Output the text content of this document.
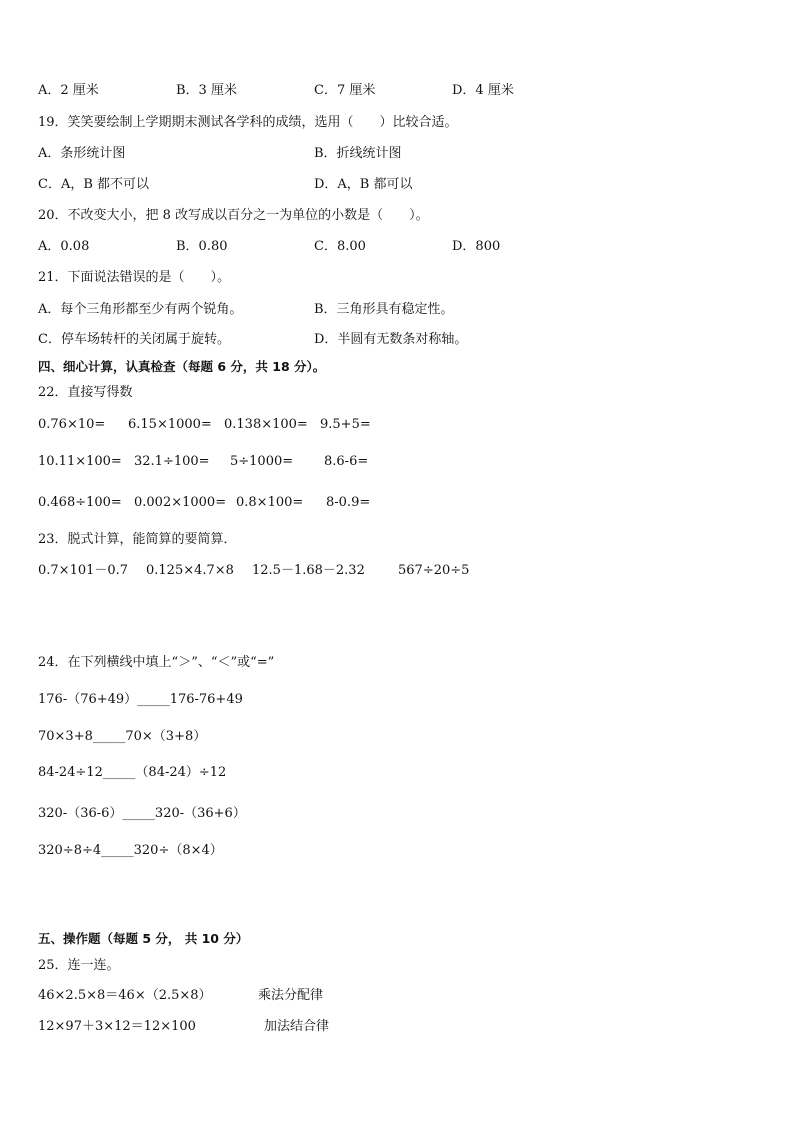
A．2 厘米	B．3 厘米	C．7 厘米	D．4 厘米
19．笑笑要绘制上学期期末测试各学科的成绩，选用（　　）比较合适。
A．条形统计图	B．折线统计图
C．A，B 都不可以	D．A，B 都可以
20．不改变大小，把 8 改写成以百分之一为单位的小数是（　　）。
A．0.08	B．0.80	C．8.00	D．800
21．下面说法错误的是（　　）。
A．每个三角形都至少有两个锐角。	B．三角形具有稳定性。
C．停车场转杆的关闭属于旋转。	D．半圆有无数条对称轴。
四、细心计算，认真检查（每题 6 分，共 18 分）。
22．直接写得数
0.76×10= 6.15×1000= 0.138×100= 9.5+5=
10.11×100= 32.1÷100= 5÷1000= 8.6-6=
0.468÷100= 0.002×1000= 0.8×100= 8-0.9=
23．脱式计算，能简算的要简算．
0.7×101－0.7 0.125×4.7×8 12.5－1.68－2.32	567÷20÷5
24．在下列横线中填上“＞”、“＜”或“=”
176-（76+49）_____176-76+49
70×3+8_____70×（3+8）
84-24÷12_____（84-24）÷12
320-（36-6）_____320-（36+6）
320÷8÷4_____320÷（8×4）
五、操作题（每题 5 分， 共 10 分）
25．连一连。
46×2.5×8＝46×（2.5×8）	乘法分配律
12×97＋3×12＝12×100	加法结合律
